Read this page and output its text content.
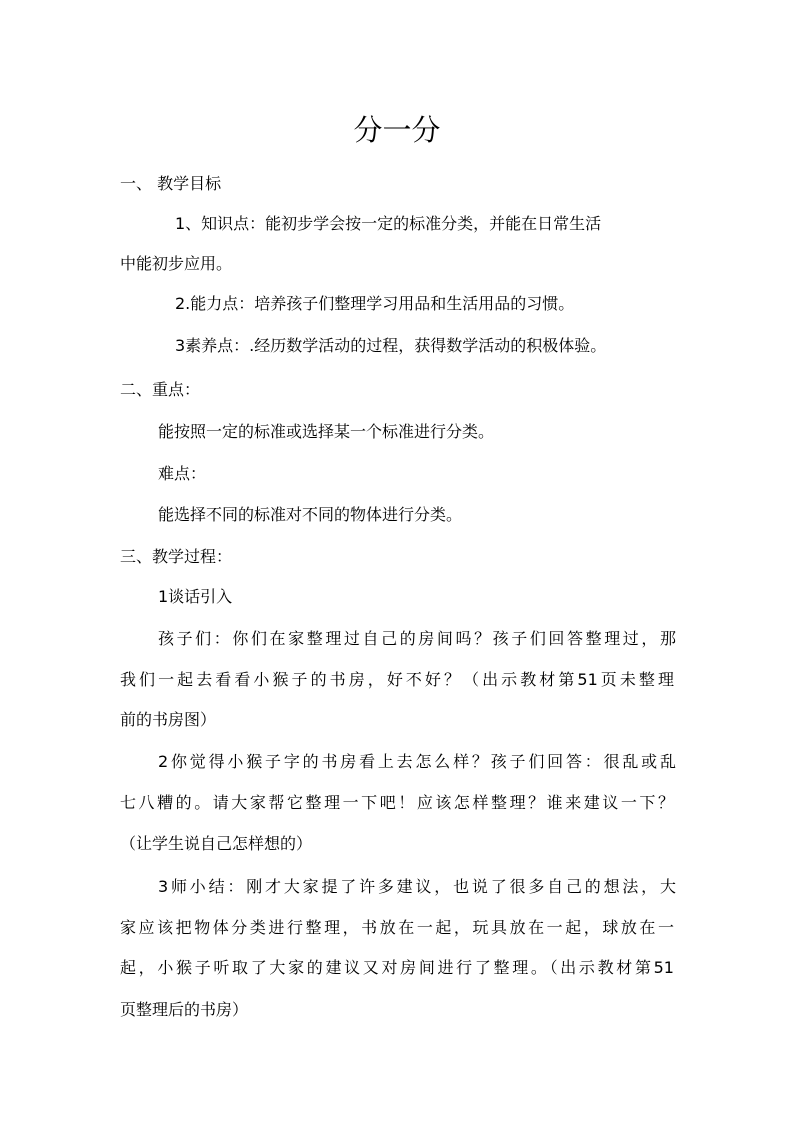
分一分

一、 教学目标

1、知识点：能初步学会按一定的标准分类，并能在日常生活

中能初步应用。

2.能力点：培养孩子们整理学习用品和生活用品的习惯。

3素养点：.经历数学活动的过程，获得数学活动的积极体验。

二、重点：

能按照一定的标准或选择某一个标准进行分类。

难点：

能选择不同的标准对不同的物体进行分类。

三、教学过程：

1谈话引入

孩子们：你们在家整理过自己的房间吗？孩子们回答整理过，那

我们一起去看看小猴子的书房，好不好？（出示教材第51页未整理

前的书房图）

2你觉得小猴子字的书房看上去怎么样？孩子们回答：很乱或乱

七八糟的。请大家帮它整理一下吧！应该怎样整理？谁来建议一下？

（让学生说自己怎样想的）

3师小结：刚才大家提了许多建议，也说了很多自己的想法，大

家应该把物体分类进行整理，书放在一起，玩具放在一起，球放在一

起，小猴子听取了大家的建议又对房间进行了整理。（出示教材第51

页整理后的书房）
